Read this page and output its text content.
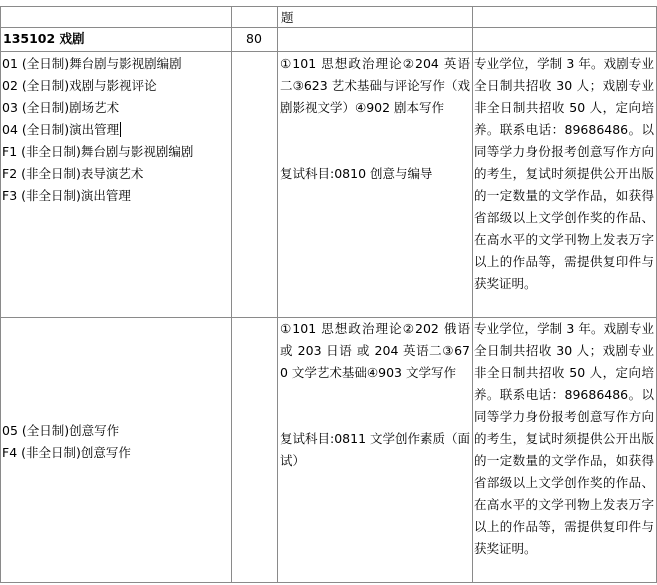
题
135102 戏剧	80
01 (全日制)舞台剧与影视剧编剧
02 (全日制)戏剧与影视评论
03 (全日制)剧场艺术
04 (全日制)演出管理
F1 (非全日制)舞台剧与影视剧编剧
F2 (非全日制)表导演艺术
F3 (非全日制)演出管理
①101 思想政治理论②204 英语二③623 艺术基础与评论写作（戏剧影视文学）④902 剧本写作
复试科目:0810 创意与编导
专业学位，学制 3 年。戏剧专业全日制共招收 30 人；戏剧专业非全日制共招收 50 人，定向培养。联系电话：89686486。以同等学力身份报考创意写作方向的考生，复试时须提供公开出版的一定数量的文学作品，如获得省部级以上文学创作奖的作品、在高水平的文学刊物上发表万字以上的作品等，需提供复印件与获奖证明。
05 (全日制)创意写作
F4 (非全日制)创意写作
①101 思想政治理论②202 俄语 或 203 日语 或 204 英语二③670 文学艺术基础④903 文学写作
复试科目:0811 文学创作素质（面试）
专业学位，学制 3 年。戏剧专业全日制共招收 30 人；戏剧专业非全日制共招收 50 人，定向培养。联系电话：89686486。以同等学力身份报考创意写作方向的考生，复试时须提供公开出版的一定数量的文学作品，如获得省部级以上文学创作奖的作品、在高水平的文学刊物上发表万字以上的作品等，需提供复印件与获奖证明。
